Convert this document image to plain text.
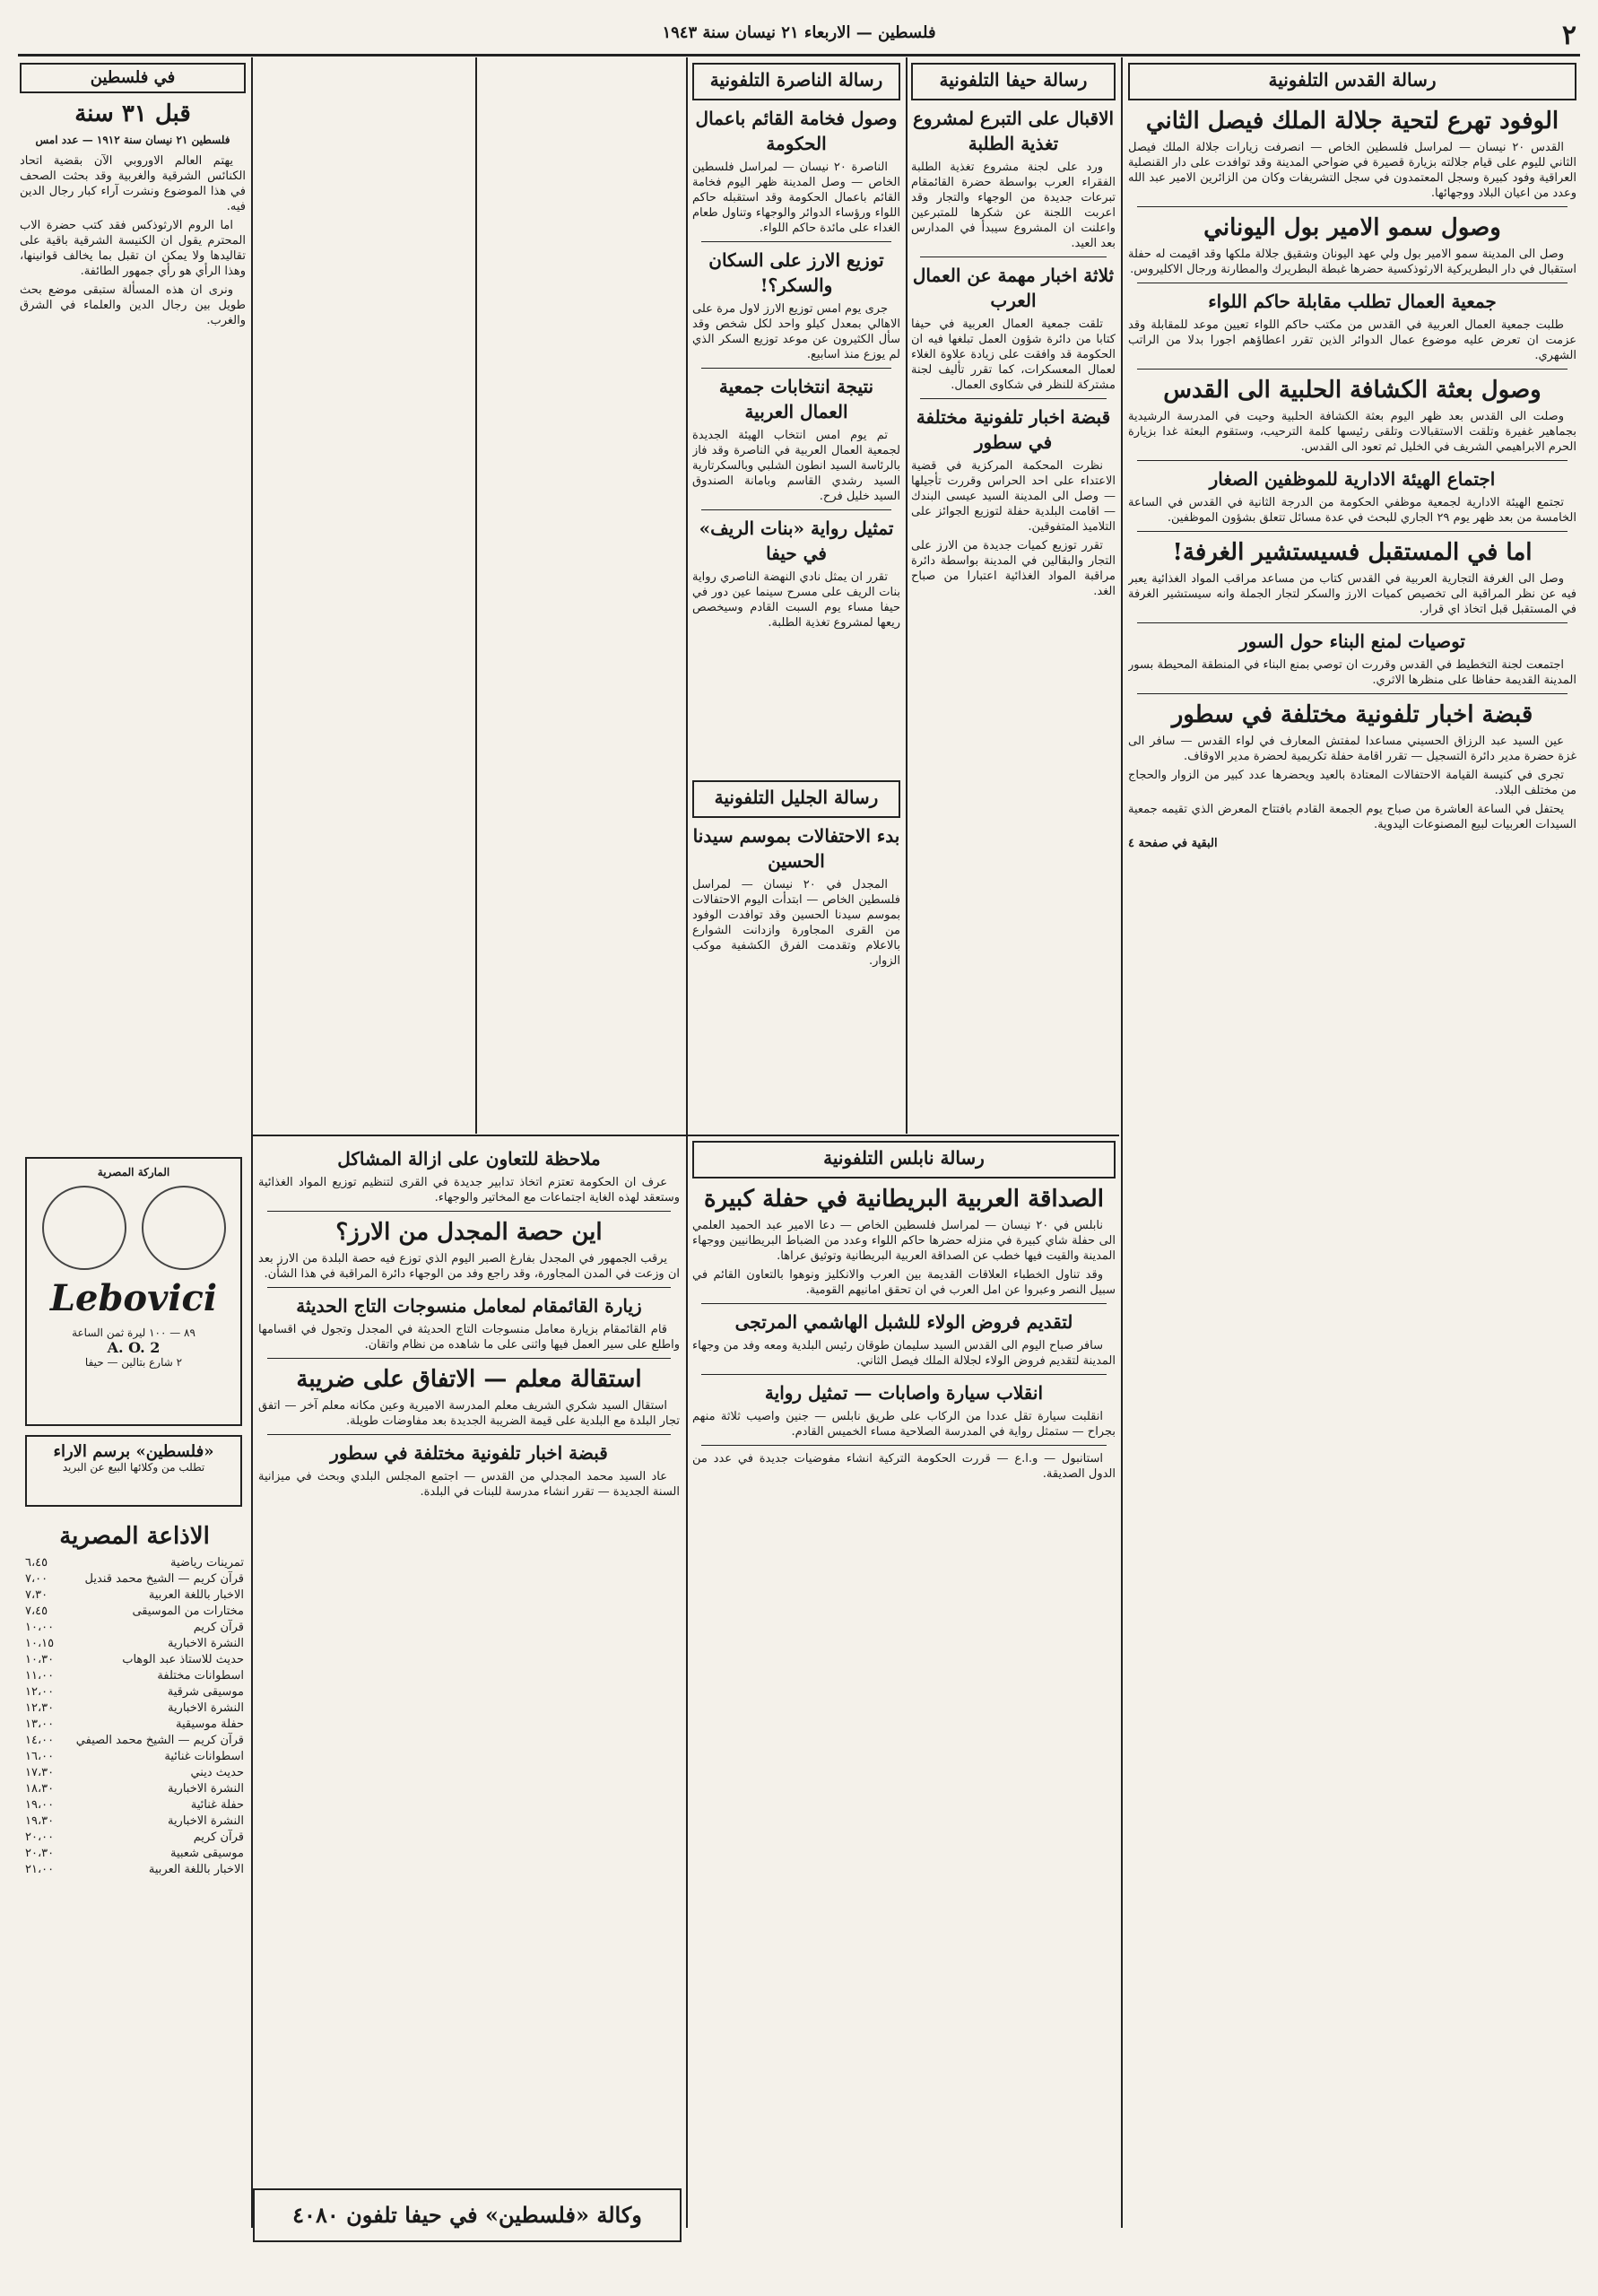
٢
فلسطين — الاربعاء ٢١ نيسان سنة ١٩٤٣
رسالة القدس التلفونية
الوفود تهرع لتحية جلالة الملك فيصل الثاني

القدس ٢٠ نيسان — لمراسل فلسطين الخاص — انصرفت زيارات جلالة الملك فيصل الثاني لليوم على قيام جلالته بزيارة قصيرة في ضواحي المدينة وقد توافدت على دار القنصلية العراقية وفود كبيرة وسجل المعتمدون في سجل التشريفات وكان من الزائرين الامير عبد الله وعدد من اعيان البلاد ووجهائها.

وصول سمو الامير بول اليوناني

وصل الى المدينة سمو الامير بول ولي عهد اليونان وشقيق جلالة ملكها وقد اقيمت له حفلة استقبال في دار البطريركية الارثوذكسية حضرها غبطة البطريرك والمطارنة ورجال الاكليروس.

جمعية العمال تطلب مقابلة حاكم اللواء

طلبت جمعية العمال العربية في القدس من مكتب حاكم اللواء تعيين موعد للمقابلة وقد عزمت ان تعرض عليه موضوع عمال الدوائر الذين تقرر اعطاؤهم اجورا بدلا من الراتب الشهري.

وصول بعثة الكشافة الحلبية الى القدس

وصلت الى القدس بعد ظهر اليوم بعثة الكشافة الحلبية وحيت في المدرسة الرشيدية بجماهير غفيرة وتلقت الاستقبالات وتلقى رئيسها كلمة الترحيب، وستقوم البعثة غدا بزيارة الحرم الابراهيمي الشريف في الخليل ثم تعود الى القدس.

اجتماع الهيئة الادارية للموظفين الصغار

تجتمع الهيئة الادارية لجمعية موظفي الحكومة من الدرجة الثانية في القدس في الساعة الخامسة من بعد ظهر يوم ٢٩ الجاري للبحث في عدة مسائل تتعلق بشؤون الموظفين.

اما في المستقبل فسيستشير الغرفة!

وصل الى الغرفة التجارية العربية في القدس كتاب من مساعد مراقب المواد الغذائية يعبر فيه عن نظر المراقبة الى تخصيص كميات الارز والسكر لتجار الجملة وانه سيستشير الغرفة في المستقبل قبل اتخاذ اي قرار.

توصيات لمنع البناء حول السور

اجتمعت لجنة التخطيط في القدس وقررت ان توصي بمنع البناء في المنطقة المحيطة بسور المدينة القديمة حفاظا على منظرها الاثري.

قبضة اخبار تلفونية مختلفة في سطور

عين السيد عبد الرزاق الحسيني مساعدا لمفتش المعارف في لواء القدس — سافر الى غزة حضرة مدير دائرة التسجيل — تقرر اقامة حفلة تكريمية لحضرة مدير الاوقاف.

تجرى في كنيسة القيامة الاحتفالات المعتادة بالعيد ويحضرها عدد كبير من الزوار والحجاج من مختلف البلاد.

يحتفل في الساعة العاشرة من صباح يوم الجمعة القادم بافتتاح المعرض الذي تقيمه جمعية السيدات العربيات لبيع المصنوعات اليدوية.

البقية في صفحة ٤
رسالة حيفا التلفونية
الاقبال على التبرع لمشروع تغذية الطلبة

ورد على لجنة مشروع تغذية الطلبة الفقراء العرب بواسطة حضرة القائمقام تبرعات جديدة من الوجهاء والتجار وقد اعربت اللجنة عن شكرها للمتبرعين واعلنت ان المشروع سيبدأ في المدارس بعد العيد.

ثلاثة اخبار مهمة عن العمال العرب

تلقت جمعية العمال العربية في حيفا كتابا من دائرة شؤون العمل تبلغها فيه ان الحكومة قد وافقت على زيادة علاوة الغلاء لعمال المعسكرات، كما تقرر تأليف لجنة مشتركة للنظر في شكاوى العمال.

قبضة اخبار تلفونية مختلفة في سطور

نظرت المحكمة المركزية في قضية الاعتداء على احد الحراس وقررت تأجيلها — وصل الى المدينة السيد عيسى البندك — اقامت البلدية حفلة لتوزيع الجوائز على التلاميذ المتفوقين.

تقرر توزيع كميات جديدة من الارز على التجار والبقالين في المدينة بواسطة دائرة مراقبة المواد الغذائية اعتبارا من صباح الغد.

رسالة الناصرة التلفونية
وصول فخامة القائم باعمال الحكومة

الناصرة ٢٠ نيسان — لمراسل فلسطين الخاص — وصل المدينة ظهر اليوم فخامة القائم باعمال الحكومة وقد استقبله حاكم اللواء ورؤساء الدوائر والوجهاء وتناول طعام الغداء على مائدة حاكم اللواء.

توزيع الارز على السكان والسكر؟!

جرى يوم امس توزيع الارز لاول مرة على الاهالي بمعدل كيلو واحد لكل شخص وقد سأل الكثيرون عن موعد توزيع السكر الذي لم يوزع منذ اسابيع.

نتيجة انتخابات جمعية العمال العربية

تم يوم امس انتخاب الهيئة الجديدة لجمعية العمال العربية في الناصرة وقد فاز بالرئاسة السيد انطون الشلبي وبالسكرتارية السيد رشدي القاسم وبامانة الصندوق السيد خليل فرح.

تمثيل رواية «بنات الريف» في حيفا

تقرر ان يمثل نادي النهضة الناصري رواية بنات الريف على مسرح سينما عين دور في حيفا مساء يوم السبت القادم وسيخصص ريعها لمشروع تغذية الطلبة.

رسالة الجليل التلفونية
بدء الاحتفالات بموسم سيدنا الحسين

المجدل في ٢٠ نيسان — لمراسل فلسطين الخاص — ابتدأت اليوم الاحتفالات بموسم سيدنا الحسين وقد توافدت الوفود من القرى المجاورة وازدانت الشوارع بالاعلام وتقدمت الفرق الكشفية موكب الزوار.

ملاحظة للتعاون على ازالة المشاكل

عرف ان الحكومة تعتزم اتخاذ تدابير جديدة في القرى لتنظيم توزيع المواد الغذائية وستعقد لهذه الغاية اجتماعات مع المخاتير والوجهاء.

اين حصة المجدل من الارز؟

يرقب الجمهور في المجدل بفارغ الصبر اليوم الذي توزع فيه حصة البلدة من الارز بعد ان وزعت في المدن المجاورة، وقد راجع وفد من الوجهاء دائرة المراقبة في هذا الشأن.

زيارة القائمقام لمعامل منسوجات التاج الحديثة

قام القائمقام بزيارة معامل منسوجات التاج الحديثة في المجدل وتجول في اقسامها واطلع على سير العمل فيها واثنى على ما شاهده من نظام واتقان.

استقالة معلم — الاتفاق على ضريبة

استقال السيد شكري الشريف معلم المدرسة الاميرية وعين مكانه معلم آخر — اتفق تجار البلدة مع البلدية على قيمة الضريبة الجديدة بعد مفاوضات طويلة.

قبضة اخبار تلفونية مختلفة في سطور

عاد السيد محمد المجدلي من القدس — اجتمع المجلس البلدي وبحث في ميزانية السنة الجديدة — تقرر انشاء مدرسة للبنات في البلدة.

رسالة نابلس التلفونية
الصداقة العربية البريطانية في حفلة كبيرة

نابلس في ٢٠ نيسان — لمراسل فلسطين الخاص — دعا الامير عبد الحميد العلمي الى حفلة شاي كبيرة في منزله حضرها حاكم اللواء وعدد من الضباط البريطانيين ووجهاء المدينة والقيت فيها خطب عن الصداقة العربية البريطانية وتوثيق عراها.

وقد تناول الخطباء العلاقات القديمة بين العرب والانكليز ونوهوا بالتعاون القائم في سبيل النصر وعبروا عن امل العرب في ان تحقق امانيهم القومية.

لتقديم فروض الولاء للشبل الهاشمي المرتجى

سافر صباح اليوم الى القدس السيد سليمان طوقان رئيس البلدية ومعه وفد من وجهاء المدينة لتقديم فروض الولاء لجلالة الملك فيصل الثاني.

انقلاب سيارة واصابات — تمثيل رواية

انقلبت سيارة تقل عددا من الركاب على طريق نابلس — جنين واصيب ثلاثة منهم بجراح — ستمثل رواية في المدرسة الصلاحية مساء الخميس القادم.

استانبول — و.ا.ع — قررت الحكومة التركية انشاء مفوضيات جديدة في عدد من الدول الصديقة.

في فلسطين
قبل ٣١ سنة
فلسطين ٢١ نيسان سنة ١٩١٢ — عدد امس

يهتم العالم الاوروبي الآن بقضية اتحاد الكنائس الشرقية والغربية وقد بحثت الصحف في هذا الموضوع ونشرت آراء كبار رجال الدين فيه.

اما الروم الارثوذكس فقد كتب حضرة الاب المحترم يقول ان الكنيسة الشرقية باقية على تقاليدها ولا يمكن ان تقبل بما يخالف قوانينها، وهذا الرأي هو رأي جمهور الطائفة.

ونرى ان هذه المسألة ستبقى موضع بحث طويل بين رجال الدين والعلماء في الشرق والغرب.

الماركة المصرية
Lebovici
٨٩ — ١٠٠ ليرة ثمن الساعة
A. O. 2
٢ شارع بتالين — حيفا
«فلسطين» برسم الاراء
تطلب من وكلائها البيع عن البريد
الاذاعة المصرية
تمرينات رياضية
٦،٤٥
قرآن كريم — الشيخ محمد قنديل
٧،٠٠
الاخبار باللغة العربية
٧،٣٠
مختارات من الموسيقى
٧،٤٥
قرآن كريم
١٠،٠٠
النشرة الاخبارية
١٠،١٥
حديث للاستاذ عبد الوهاب
١٠،٣٠
اسطوانات مختلفة
١١،٠٠
موسيقى شرقية
١٢،٠٠
النشرة الاخبارية
١٢،٣٠
حفلة موسيقية
١٣،٠٠
قرآن كريم — الشيخ محمد الصيفي
١٤،٠٠
اسطوانات غنائية
١٦،٠٠
حديث ديني
١٧،٣٠
النشرة الاخبارية
١٨،٣٠
حفلة غنائية
١٩،٠٠
النشرة الاخبارية
١٩،٣٠
قرآن كريم
٢٠،٠٠
موسيقى شعبية
٢٠،٣٠
الاخبار باللغة العربية
٢١،٠٠
وكالة «فلسطين» في حيفا تلفون ٤٠٨٠
